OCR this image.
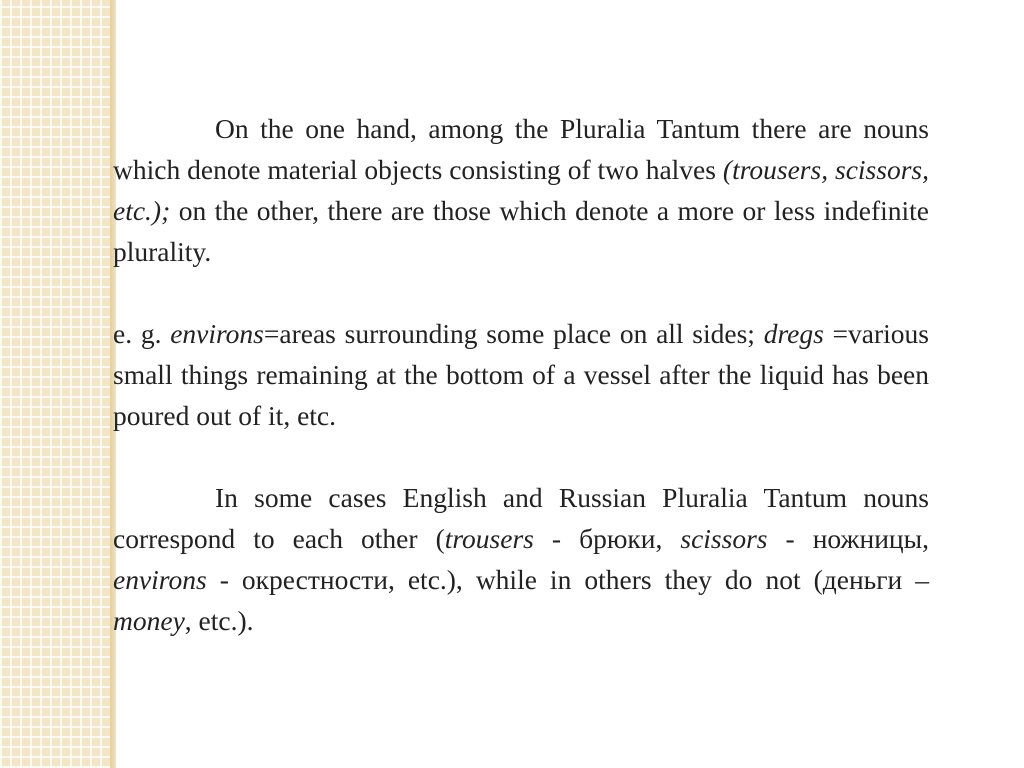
On the one hand, among the Pluralia Tantum there are nouns which denote material objects consisting of two halves (trousers, scissors, etc.); on the other, there are those which denote a more or less indefinite plurality.

e. g. environs=areas surrounding some place on all sides; dregs =various small things remaining at the bottom of a vessel after the liquid has been poured out of it, etc.

In some cases English and Russian Pluralia Tantum nouns correspond to each other (trousers - брюки, scissors - ножницы, environs - окрестности, etc.), while in others they do not (деньги – money, etc.).
